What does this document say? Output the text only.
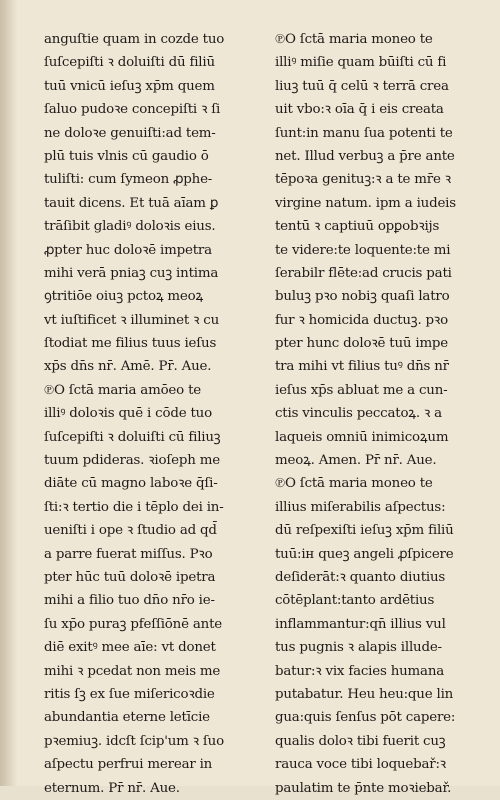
anguſtie quam in cozde tuo
ſuſcepiſti ꝛ doluiſti dū filiū
tuū vnicū ieſuꝫ xp̄m quem
ſaluo pudoꝛe concepiſti ꝛ ſi
ne doloꝛe genuiſti:ad tem-
plū tuis vlnis cū gaudio ō
tuliſti: cum ſymeon ꝓphe-
tauit dicens. Et tuā aīam ꝑ
trāſibit gladiꝰ doloꝛis eius.
ꝓpter huc doloꝛē impetra
mihi verā pniaꝫ cuꝫ intima
ꝯtritiōe oiuꝫ pctoꝝ meoꝝ
vt iuſtificet ꝛ illuminet ꝛ cu
ſtodiat me filius tuus ieſus
xp̄s dn̄s nr̄. Amē. Pr̄. Aue.
℗O ſctā maria amōeo te
illiꝰ doloꝛis quē i cōde tuo
ſuſcepiſti ꝛ doluiſti cū filiuꝫ
tuum pdideras. ꝛioſeph me
diāte cū magno laboꝛe q̄ſi-
ſti:ꝛ tertio die i tēplo dei in-
ueniſti i ope ꝛ ſtudio ad qd̄
a parre fuerat miſſus. Pꝛo
pter hūc tuū doloꝛē ipetra
mihi a filio tuo dn̄o nr̄o ie-
ſu xp̄o puraꝫ pfeſſiōnē ante
diē exitꝰ mee aīe: vt donet
mihi ꝛ pcedat non meis me
ritis ſꝫ ex ſue miſericoꝛdie
abundantia eterne letīcie
pꝛemiuꝫ. idcſt ſcip'um ꝛ ſuo
aſpectu perfrui merear in
eternum. Pr̄ nr̄. Aue.
℗O ſctā maria moneo te
illiꝰ miſie quam būiſti cū fi
liuꝫ tuū q̄ celū ꝛ terrā crea
uit vbo:ꝛ oīa q̄ i eis creata
ſunt:in manu ſua potenti te
net. Illud verbuꝫ a p̄re ante
tēpoꝛa genituꝫ:ꝛ a te mr̄e ꝛ
virgine natum. ipm a iudeis
tentū ꝛ captiuū opꝑobꝛijs
te videre:te loquente:te mi
ſerabilr flēte:ad crucis pati
buluꝫ pꝛo nobiꝫ quaſi latro
fur ꝛ homicida ductuꝫ. pꝛo
pter hunc doloꝛē tuū impe
tra mihi vt filius tuꝰ dn̄s nr̄
ieſus xp̄s abluat me a cun-
ctis vinculis peccatoꝝ. ꝛ a
laqueis omniū inimicoꝝum
meoꝝ. Amen. Pr̄ nr̄. Aue.
℗O ſctā maria moneo te
illius miſerabilis aſpectus:
dū reſpexiſti ieſuꝫ xp̄m filiū
tuū:iн queꝫ angeli ꝓſpicere
deſiderāt:ꝛ quanto diutius
cōtēplant:tanto ardētius
inflammantur:qn̄ illius vul
tus pugnis ꝛ alapis illude-
batur:ꝛ vix facies humana
putabatur. Heu heu:que lin
gua:quis ſenſus pōt capere:
qualis doloꝛ tibi fuerit cuꝫ
rauca voce tibi loquebař:ꝛ
paulatim te p̄nte moꝛiebař.
